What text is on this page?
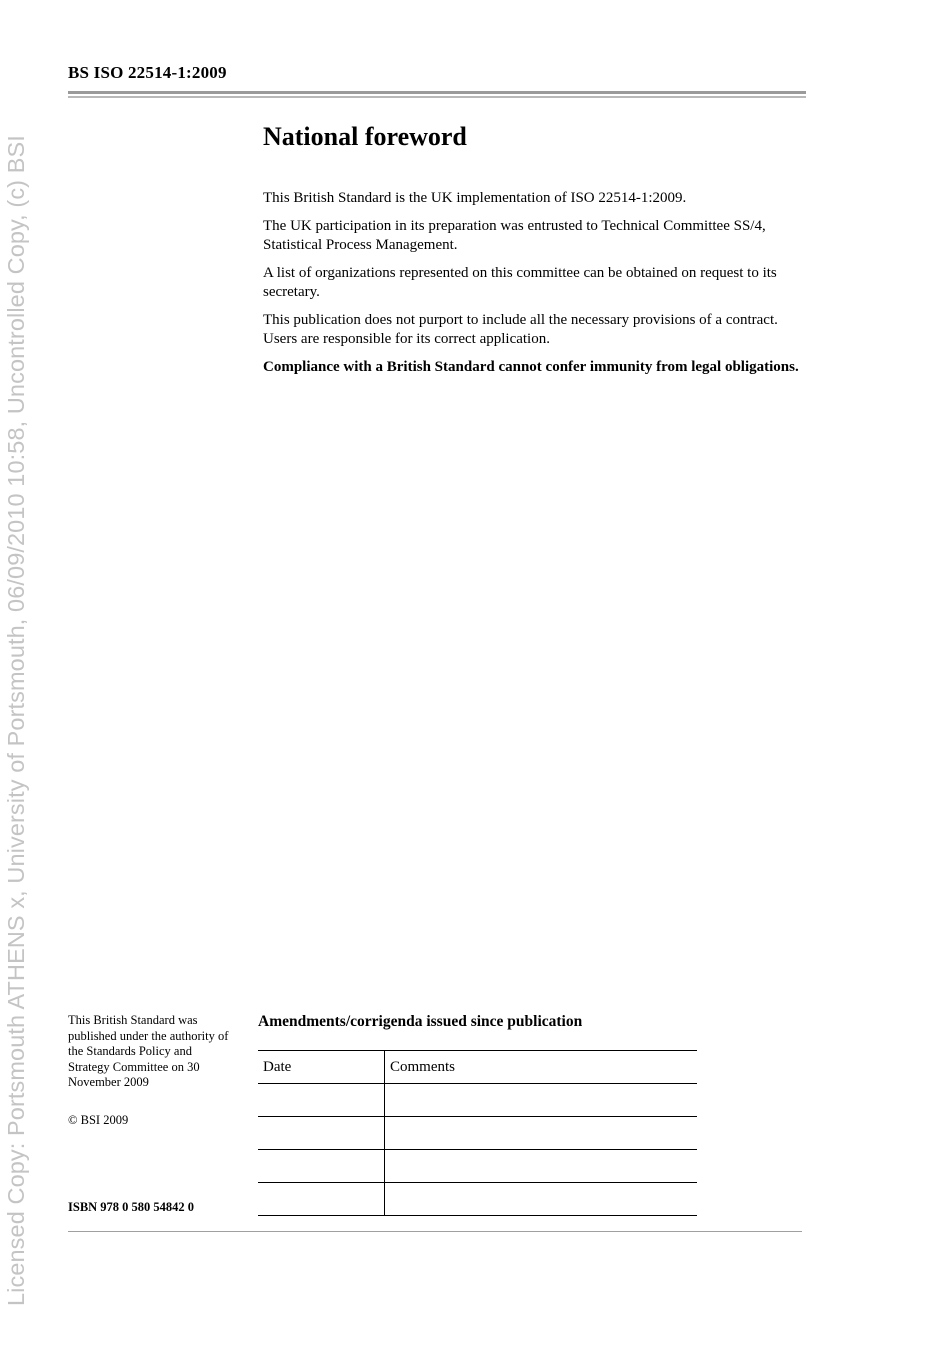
Licensed Copy: Portsmouth ATHENS x, University of Portsmouth, 06/09/2010 10:58, Uncontrolled Copy, (c) BSI
BS ISO 22514-1:2009
National foreword

This British Standard is the UK implementation of ISO 22514-1:2009.

The UK participation in its preparation was entrusted to Technical Committee SS/4, Statistical Process Management.

A list of organizations represented on this committee can be obtained on request to its secretary.

This publication does not purport to include all the necessary provisions of a contract. Users are responsible for its correct application.

Compliance with a British Standard cannot confer immunity from legal obligations.

This British Standard was published under the authority of the Standards Policy and Strategy Committee on 30 November 2009

© BSI 2009
ISBN 978 0 580 54842 0
Amendments/corrigenda issued since publication
Date	Comments
